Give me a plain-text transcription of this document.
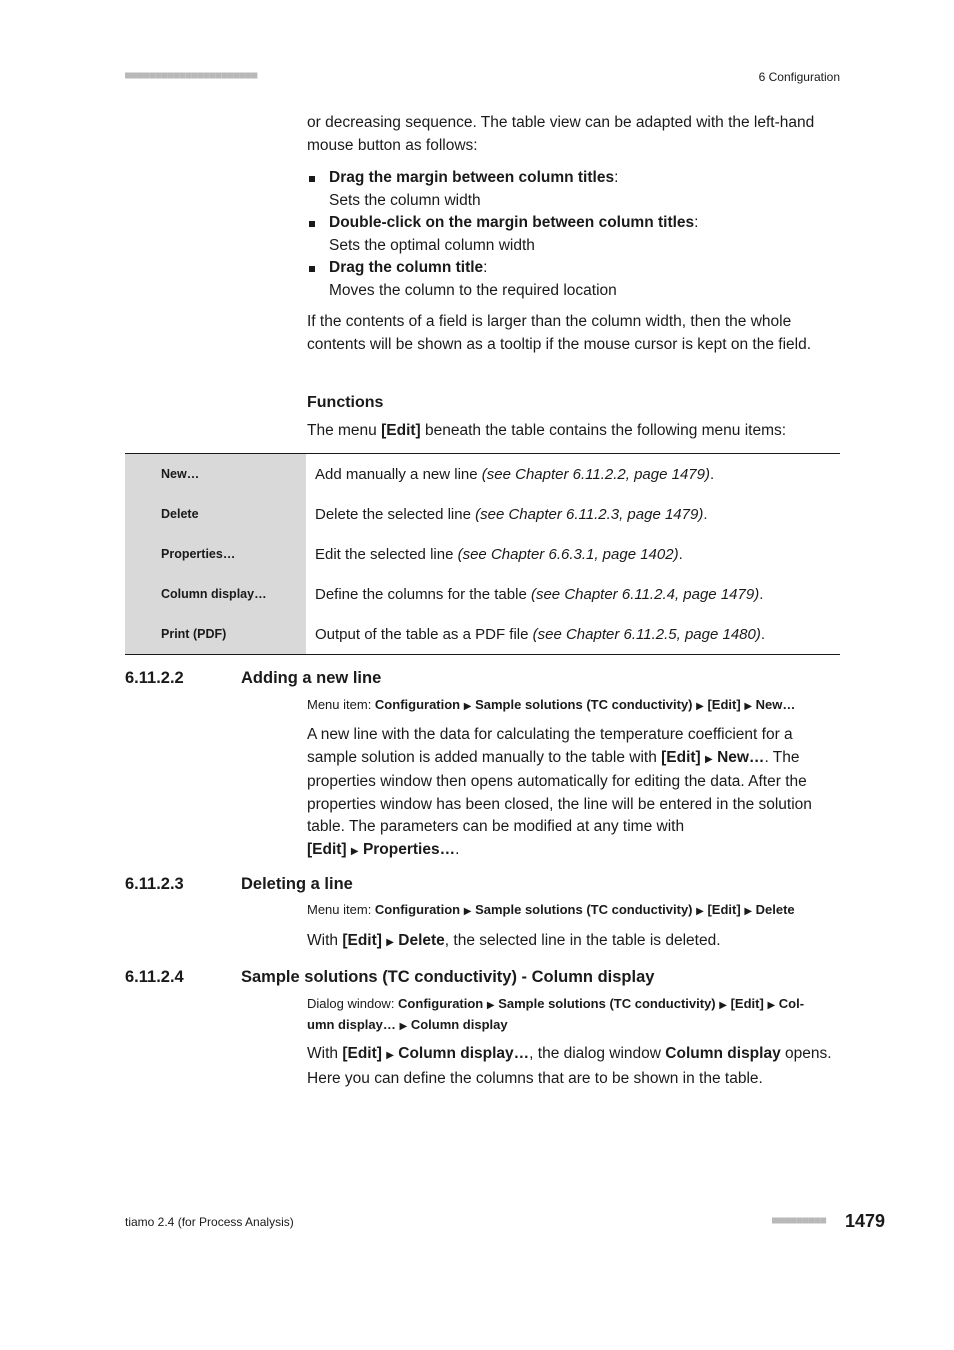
■■■■■■■■■■■■■■■■■■■■■■	6 Configuration
or decreasing sequence. The table view can be adapted with the left-hand mouse button as follows:
Drag the margin between column titles:
Sets the column width
Double-click on the margin between column titles:
Sets the optimal column width
Drag the column title:
Moves the column to the required location
If the contents of a field is larger than the column width, then the whole contents will be shown as a tooltip if the mouse cursor is kept on the field.
Functions
The menu [Edit] beneath the table contains the following menu items:
New…	Add manually a new line (see Chapter 6.11.2.2, page 1479).
Delete	Delete the selected line (see Chapter 6.11.2.3, page 1479).
Properties…	Edit the selected line (see Chapter 6.6.3.1, page 1402).
Column display…	Define the columns for the table (see Chapter 6.11.2.4, page 1479).
Print (PDF)	Output of the table as a PDF file (see Chapter 6.11.2.5, page 1480).
6.11.2.2	Adding a new line
Menu item: Configuration ▶ Sample solutions (TC conductivity) ▶ [Edit] ▶ New…
A new line with the data for calculating the temperature coefficient for a sample solution is added manually to the table with [Edit] ▶ New…. The properties window then opens automatically for editing the data. After the properties window has been closed, the line will be entered in the solution table. The parameters can be modified at any time with
[Edit] ▶ Properties….
6.11.2.3	Deleting a line
Menu item: Configuration ▶ Sample solutions (TC conductivity) ▶ [Edit] ▶ Delete
With [Edit] ▶ Delete, the selected line in the table is deleted.
6.11.2.4	Sample solutions (TC conductivity) - Column display
Dialog window: Configuration ▶ Sample solutions (TC conductivity) ▶ [Edit] ▶ Col-
umn display… ▶ Column display
With [Edit] ▶ Column display…, the dialog window Column display opens. Here you can define the columns that are to be shown in the table.
tiamo 2.4 (for Process Analysis)	■■■■■■■■■ 1479
